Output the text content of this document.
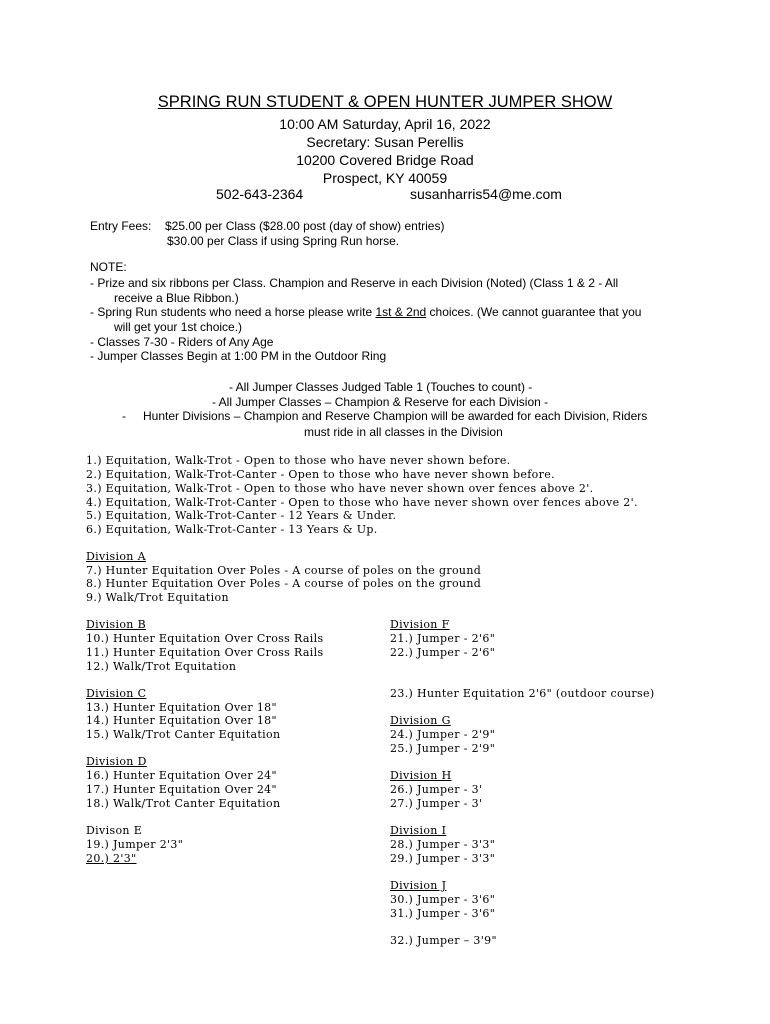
SPRING RUN STUDENT & OPEN HUNTER JUMPER SHOW
10:00 AM Saturday, April 16, 2022
Secretary: Susan Perellis
10200 Covered Bridge Road
Prospect, KY 40059
502-643-2364	susanharris54@me.com
Entry Fees: $25.00 per Class ($28.00 post (day of show) entries)
$30.00 per Class if using Spring Run horse.
NOTE:
- Prize and six ribbons per Class. Champion and Reserve in each Division (Noted) (Class 1 & 2 - All
receive a Blue Ribbon.)
- Spring Run students who need a horse please write 1st & 2nd choices. (We cannot guarantee that you
will get your 1st choice.)
- Classes 7-30 - Riders of Any Age
- Jumper Classes Begin at 1:00 PM in the Outdoor Ring
- All Jumper Classes Judged Table 1 (Touches to count) -
- All Jumper Classes – Champion & Reserve for each Division -
- Hunter Divisions – Champion and Reserve Champion will be awarded for each Division, Riders
must ride in all classes in the Division
1.) Equitation, Walk-Trot - Open to those who have never shown before.
2.) Equitation, Walk-Trot-Canter - Open to those who have never shown before.
3.) Equitation, Walk-Trot - Open to those who have never shown over fences above 2'.
4.) Equitation, Walk-Trot-Canter - Open to those who have never shown over fences above 2'.
5.) Equitation, Walk-Trot-Canter - 12 Years & Under.
6.) Equitation, Walk-Trot-Canter - 13 Years & Up.
Division A
7.) Hunter Equitation Over Poles - A course of poles on the ground
8.) Hunter Equitation Over Poles - A course of poles on the ground
9.) Walk/Trot Equitation
Division B
10.) Hunter Equitation Over Cross Rails
11.) Hunter Equitation Over Cross Rails
12.) Walk/Trot Equitation
Division C
13.) Hunter Equitation Over 18"
14.) Hunter Equitation Over 18"
15.) Walk/Trot Canter Equitation
Division D
16.) Hunter Equitation Over 24"
17.) Hunter Equitation Over 24"
18.) Walk/Trot Canter Equitation
Divison E
19.) Jumper 2'3"
20.) 2'3"
Division F
21.) Jumper - 2'6"
22.) Jumper - 2'6"
23.) Hunter Equitation 2'6" (outdoor course)
Division G
24.) Jumper - 2'9"
25.) Jumper - 2'9"
Division H
26.) Jumper - 3'
27.) Jumper - 3'
Division I
28.) Jumper - 3'3"
29.) Jumper - 3'3"
Division J
30.) Jumper - 3'6"
31.) Jumper - 3'6"
32.) Jumper – 3'9"
